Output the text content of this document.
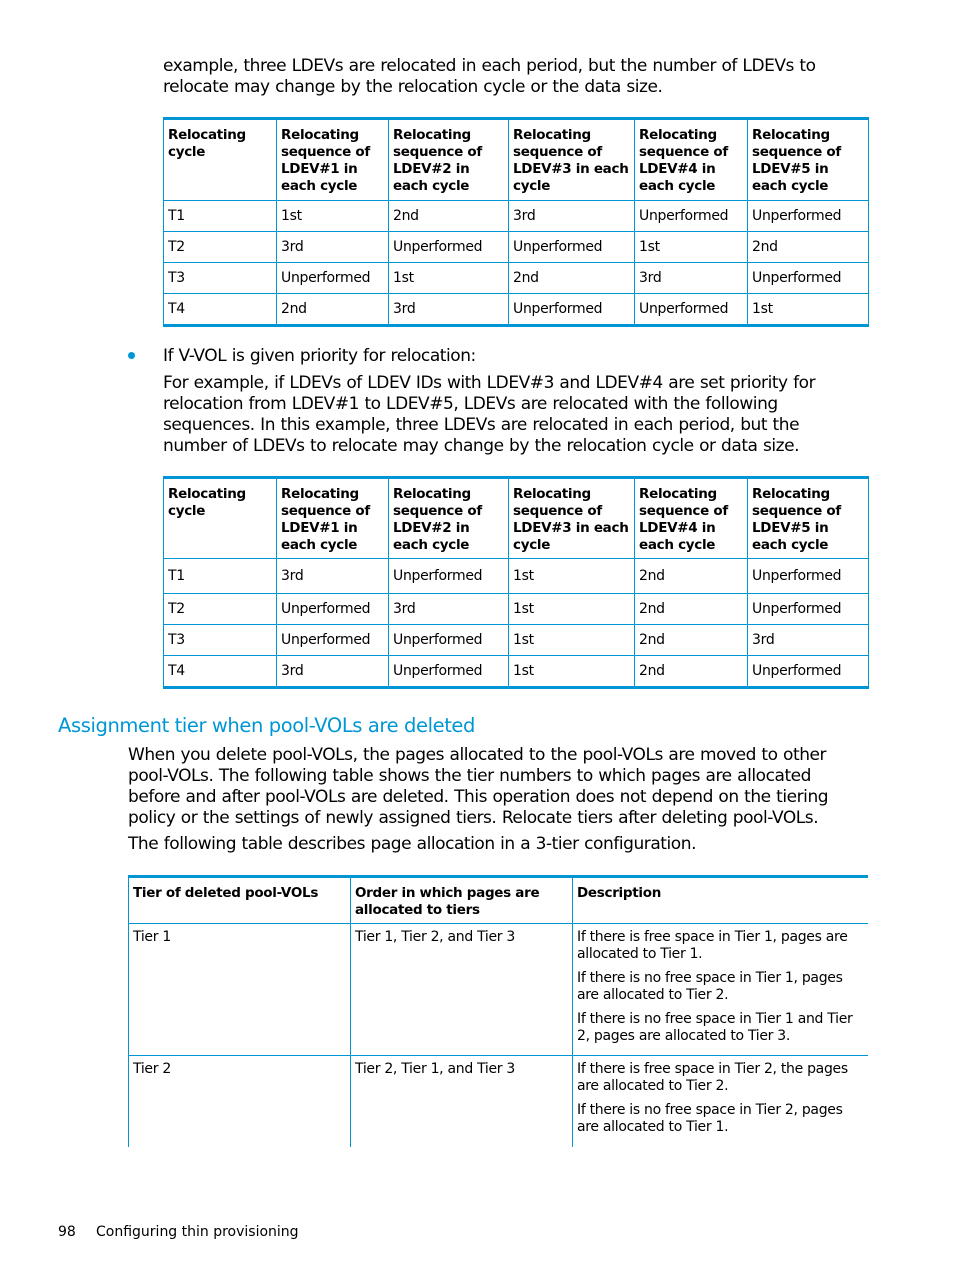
example, three LDEVs are relocated in each period, but the number of LDEVs to relocate may change by the relocation cycle or the data size.

Relocating cycle	Relocating sequence of LDEV#1 in each cycle	Relocating sequence of LDEV#2 in each cycle	Relocating sequence of LDEV#3 in each cycle	Relocating sequence of LDEV#4 in each cycle	Relocating sequence of LDEV#5 in each cycle
T1	1st	2nd	3rd	Unperformed	Unperformed
T2	3rd	Unperformed	Unperformed	1st	2nd
T3	Unperformed	1st	2nd	3rd	Unperformed
T4	2nd	3rd	Unperformed	Unperformed	1st

If V-VOL is given priority for relocation:

For example, if LDEVs of LDEV IDs with LDEV#3 and LDEV#4 are set priority for relocation from LDEV#1 to LDEV#5, LDEVs are relocated with the following sequences. In this example, three LDEVs are relocated in each period, but the number of LDEVs to relocate may change by the relocation cycle or data size.

Relocating cycle	Relocating sequence of LDEV#1 in each cycle	Relocating sequence of LDEV#2 in each cycle	Relocating sequence of LDEV#3 in each cycle	Relocating sequence of LDEV#4 in each cycle	Relocating sequence of LDEV#5 in each cycle
T1	3rd	Unperformed	1st	2nd	Unperformed
T2	Unperformed	3rd	1st	2nd	Unperformed
T3	Unperformed	Unperformed	1st	2nd	3rd
T4	3rd	Unperformed	1st	2nd	Unperformed
Assignment tier when pool-VOLs are deleted

When you delete pool-VOLs, the pages allocated to the pool-VOLs are moved to other pool-VOLs. The following table shows the tier numbers to which pages are allocated before and after pool-VOLs are deleted. This operation does not depend on the tiering policy or the settings of newly assigned tiers. Relocate tiers after deleting pool-VOLs.

The following table describes page allocation in a 3-tier configuration.

Tier of deleted pool-VOLs	Order in which pages are allocated to tiers	Description
Tier 1	Tier 1, Tier 2, and Tier 3	If there is free space in Tier 1, pages are allocated to Tier 1.

If there is no free space in Tier 1, pages are allocated to Tier 2.

If there is no free space in Tier 1 and Tier 2, pages are allocated to Tier 3.

Tier 2	Tier 2, Tier 1, and Tier 3	If there is free space in Tier 2, the pages are allocated to Tier 2.

If there is no free space in Tier 2, pages are allocated to Tier 1.

98 Configuring thin provisioning
